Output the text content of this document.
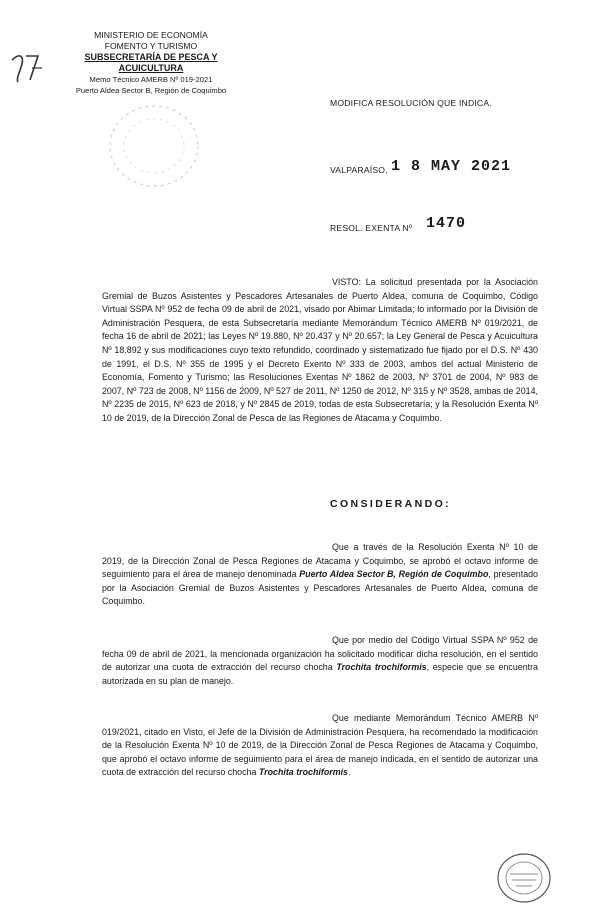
MINISTERIO DE ECONOMÍA
FOMENTO Y TURISMO
SUBSECRETARÍA DE PESCA Y ACUICULTURA
Memo Técnico AMERB Nº 019-2021
Puerto Aldea Sector B, Región de Coquimbo
MODIFICA RESOLUCIÓN QUE INDICA.
VALPARAÍSO, 1 8 MAY 2021
RESOL. EXENTA Nº 1470
VISTO: La solicitud presentada por la Asociación Gremial de Buzos Asistentes y Pescadores Artesanales de Puerto Aldea, comuna de Coquimbo, Código Virtual SSPA Nº 952 de fecha 09 de abril de 2021, visado por Abimar Limitada; lo informado por la División de Administración Pesquera, de esta Subsecretaría mediante Memorándum Técnico AMERB Nº 019/2021, de fecha 16 de abril de 2021; las Leyes Nº 19.880, Nº 20.437 y Nº 20.657; la Ley General de Pesca y Acuicultura Nº 18.892 y sus modificaciones cuyo texto refundido, coordinado y sistematizado fue fijado por el D.S. Nº 430 de 1991, el D.S. Nº 355 de 1995 y el Decreto Exento Nº 333 de 2003, ambos del actual Ministerio de Economía, Fomento y Turismo; las Resoluciones Exentas Nº 1862 de 2003, Nº 3701 de 2004, Nº 983 de 2007, Nº 723 de 2008, Nº 1156 de 2009, Nº 527 de 2011, Nº 1250 de 2012, Nº 315 y Nº 3528, ambas de 2014, Nº 2235 de 2015, Nº 623 de 2018, y Nº 2845 de 2019, todas de esta Subsecretaría; y la Resolución Exenta Nº 10 de 2019, de la Dirección Zonal de Pesca de las Regiones de Atacama y Coquimbo.
CONSIDERANDO:
Que a través de la Resolución Exenta Nº 10 de 2019, de la Dirección Zonal de Pesca Regiones de Atacama y Coquimbo, se aprobó el octavo informe de seguimiento para el área de manejo denominada Puerto Aldea Sector B, Región de Coquimbo, presentado por la Asociación Gremial de Buzos Asistentes y Pescadores Artesanales de Puerto Aldea, comuna de Coquimbo.
Que por medio del Código Virtual SSPA Nº 952 de fecha 09 de abril de 2021, la mencionada organización ha solicitado modificar dicha resolución, en el sentido de autorizar una cuota de extracción del recurso chocha Trochita trochiformis, especie que se encuentra autorizada en su plan de manejo.
Que mediante Memorándum Técnico AMERB Nº 019/2021, citado en Visto, el Jefe de la División de Administración Pesquera, ha recomendado la modificación de la Resolución Exenta Nº 10 de 2019, de la Dirección Zonal de Pesca Regiones de Atacama y Coquimbo, que aprobó el octavo informe de seguimiento para el área de manejo indicada, en el sentido de autorizar una cuota de extracción del recurso chocha Trochita trochiformis.
